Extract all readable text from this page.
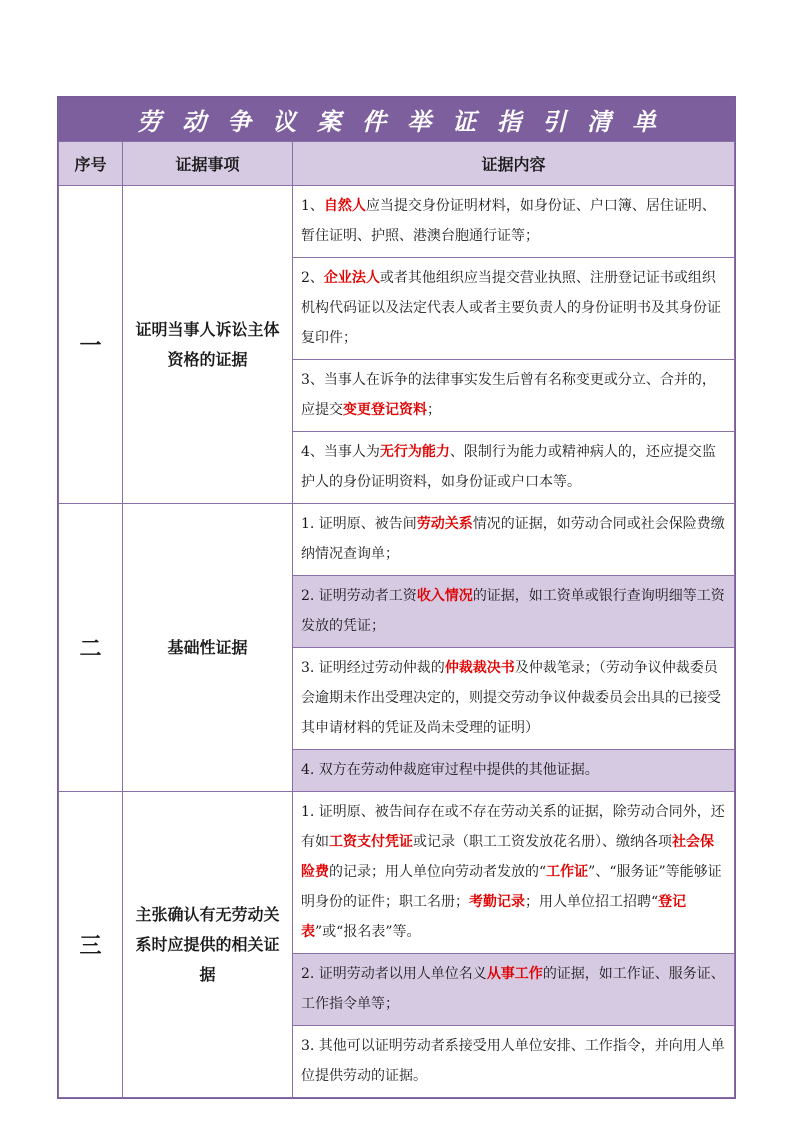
劳动争议案件举证指引清单
序号	证据事项	证据内容
一	证明当事人诉讼主体资格的证据	1、自然人应当提交身份证明材料，如身份证、户口簿、居住证明、暂住证明、护照、港澳台胞通行证等；
2、企业法人或者其他组织应当提交营业执照、注册登记证书或组织机构代码证以及法定代表人或者主要负责人的身份证明书及其身份证复印件；
3、当事人在诉争的法律事实发生后曾有名称变更或分立、合并的，应提交变更登记资料；
4、当事人为无行为能力、限制行为能力或精神病人的，还应提交监护人的身份证明资料，如身份证或户口本等。

二	基础性证据	1. 证明原、被告间劳动关系情况的证据，如劳动合同或社会保险费缴纳情况查询单；
2. 证明劳动者工资收入情况的证据，如工资单或银行查询明细等工资发放的凭证；
3. 证明经过劳动仲裁的仲裁裁决书及仲裁笔录；（劳动争议仲裁委员会逾期未作出受理决定的，则提交劳动争议仲裁委员会出具的已接受其申请材料的凭证及尚未受理的证明）
4. 双方在劳动仲裁庭审过程中提供的其他证据。

三	主张确认有无劳动关系时应提供的相关证据	1. 证明原、被告间存在或不存在劳动关系的证据，除劳动合同外，还有如工资支付凭证或记录（职工工资发放花名册）、缴纳各项社会保险费的记录；用人单位向劳动者发放的“工作证”、“服务证”等能够证明身份的证件；职工名册；考勤记录；用人单位招工招聘“登记表”或“报名表”等。
2. 证明劳动者以用人单位名义从事工作的证据，如工作证、服务证、工作指令单等；
3. 其他可以证明劳动者系接受用人单位安排、工作指令，并向用人单位提供劳动的证据。
